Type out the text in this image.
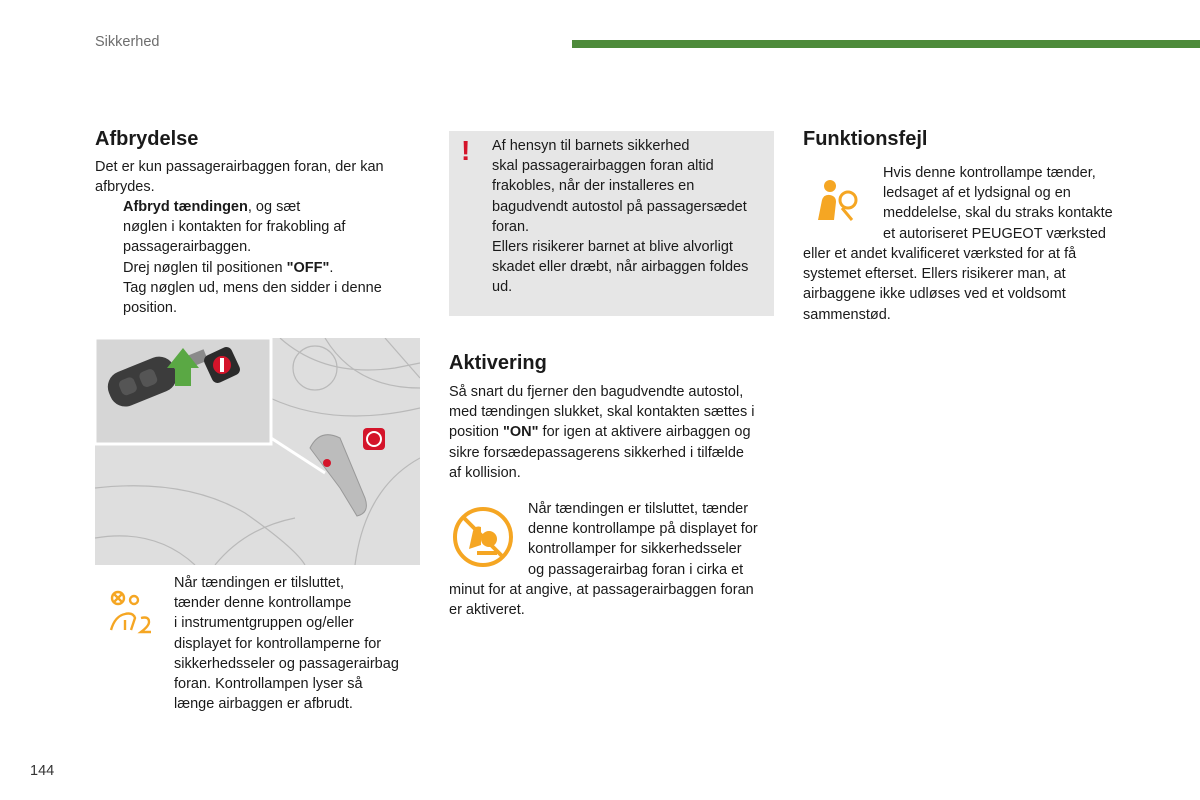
Sikkerhed
Afbrydelse
Det er kun passagerairbaggen foran, der kan afbrydes.
Afbryd tændingen, og sæt
nøglen i kontakten for frakobling af
passagerairbaggen.
Drej nøglen til positionen "OFF".
Tag nøglen ud, mens den sidder i denne
position.
Når tændingen er tilsluttet,
tænder denne kontrollampe
i instrumentgruppen og/eller
displayet for kontrollamperne for
sikkerhedsseler og passagerairbag
foran. Kontrollampen lyser så
længe airbaggen er afbrudt.
! Af hensyn til barnets sikkerhed
skal passagerairbaggen foran altid
frakobles, når der installeres en
bagudvendt autostol på passagersædet
foran.
Ellers risikerer barnet at blive alvorligt
skadet eller dræbt, når airbaggen foldes
ud.
Aktivering
Så snart du fjerner den bagudvendte autostol,
med tændingen slukket, skal kontakten sættes i
position "ON" for igen at aktivere airbaggen og
sikre forsædepassagerens sikkerhed i tilfælde
af kollision.
Når tændingen er tilsluttet, tænder
denne kontrollampe på displayet for
kontrollamper for sikkerhedsseler
og passagerairbag foran i cirka et
minut for at angive, at passagerairbaggen foran
er aktiveret.
Funktionsfejl
Hvis denne kontrollampe tænder,
ledsaget af et lydsignal og en
meddelelse, skal du straks kontakte
et autoriseret PEUGEOT værksted
eller et andet kvalificeret værksted for at få
systemet efterset. Ellers risikerer man, at
airbaggene ikke udløses ved et voldsomt
sammenstød.
144
